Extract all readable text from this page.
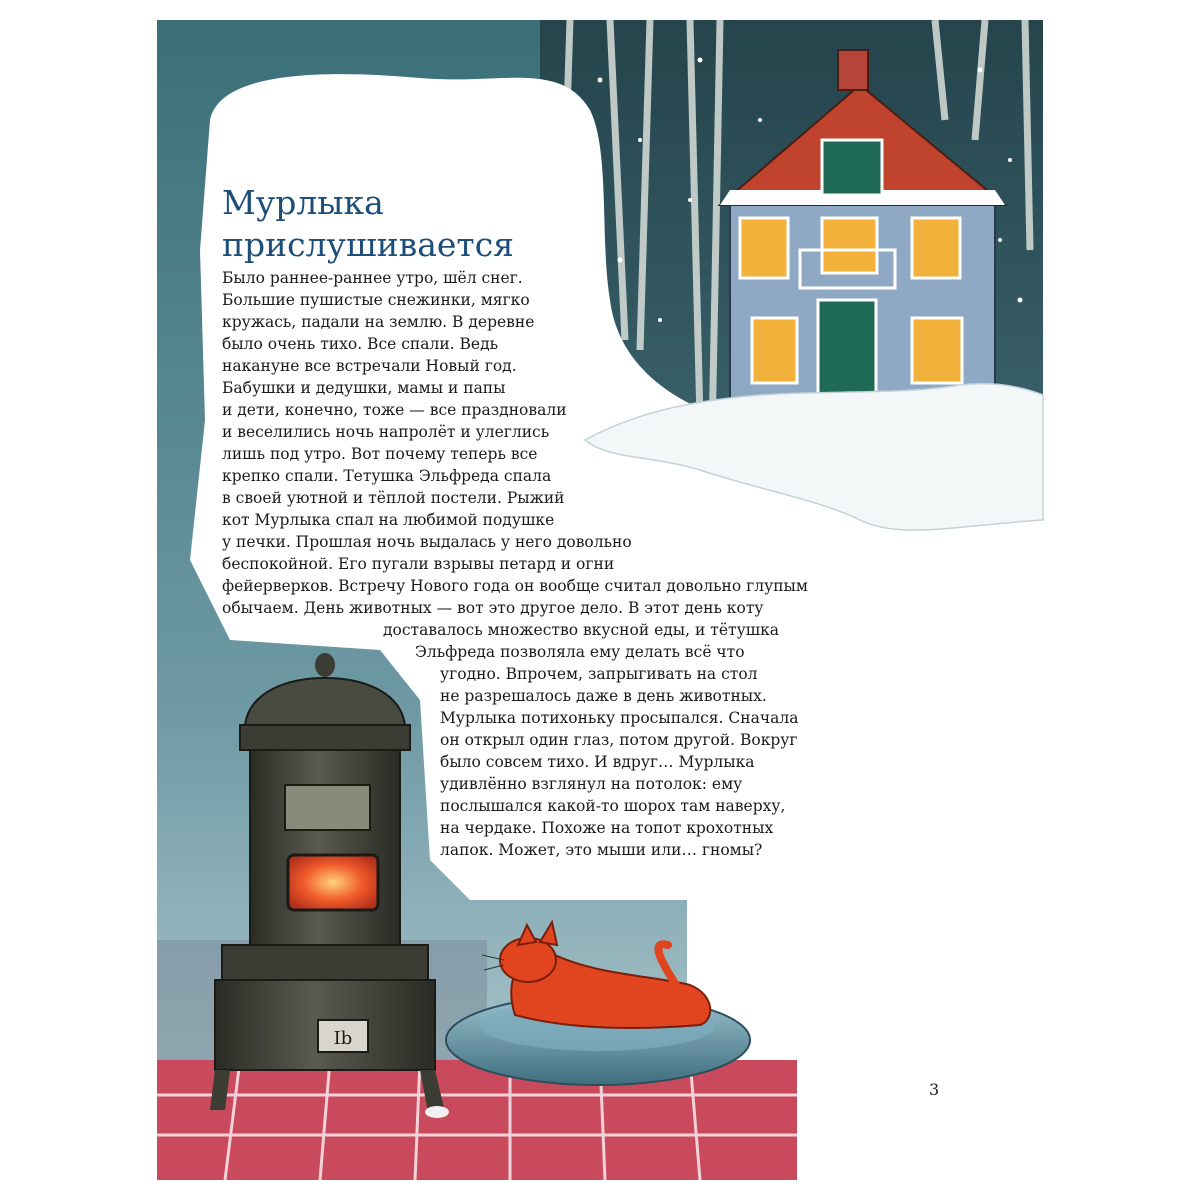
Ib
Мурлыка
прислушивается
Было раннее-раннее утро, шёл снег.
Большие пушистые снежинки, мягко
кружась, падали на землю. В деревне
было очень тихо. Все спали. Ведь
накануне все встречали Новый год.
Бабушки и дедушки, мамы и папы
и дети, конечно, тоже — все праздновали
и веселились ночь напролёт и улеглись
лишь под утро. Вот почему теперь все
крепко спали. Тетушка Эльфреда спала
в своей уютной и тёплой постели. Рыжий
кот Мурлыка спал на любимой подушке
у печки. Прошлая ночь выдалась у него довольно
беспокойной. Его пугали взрывы петард и огни
фейерверков. Встречу Нового года он вообще считал довольно глупым
обычаем. День животных — вот это другое дело. В этот день коту
доставалось множество вкусной еды, и тётушка
Эльфреда позволяла ему делать всё что
угодно. Впрочем, запрыгивать на стол
не разрешалось даже в день животных.
Мурлыка потихоньку просыпался. Сначала
он открыл один глаз, потом другой. Вокруг
было совсем тихо. И вдруг… Мурлыка
удивлённо взглянул на потолок: ему
послышался какой-то шорох там наверху,
на чердаке. Похоже на топот крохотных
лапок. Может, это мыши или… гномы?
3
